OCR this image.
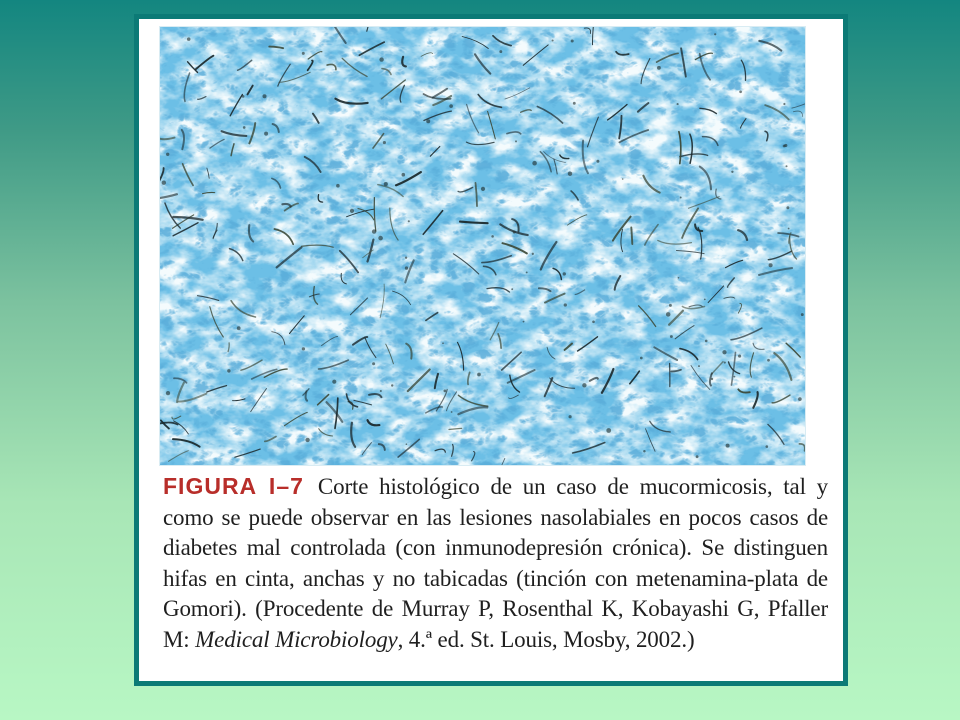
FIGURA I–7 Corte histológico de un caso de mucormicosis, tal y como se puede observar en las lesiones nasolabiales en pocos casos de diabetes mal controlada (con inmunodepresión crónica). Se distinguen hifas en cinta, anchas y no tabicadas (tinción con metenamina-plata de Gomori). (Procedente de Murray P, Rosenthal K, Kobayashi G, Pfaller M: Medical Microbiology, 4.ª ed. St. Louis, Mosby, 2002.)
